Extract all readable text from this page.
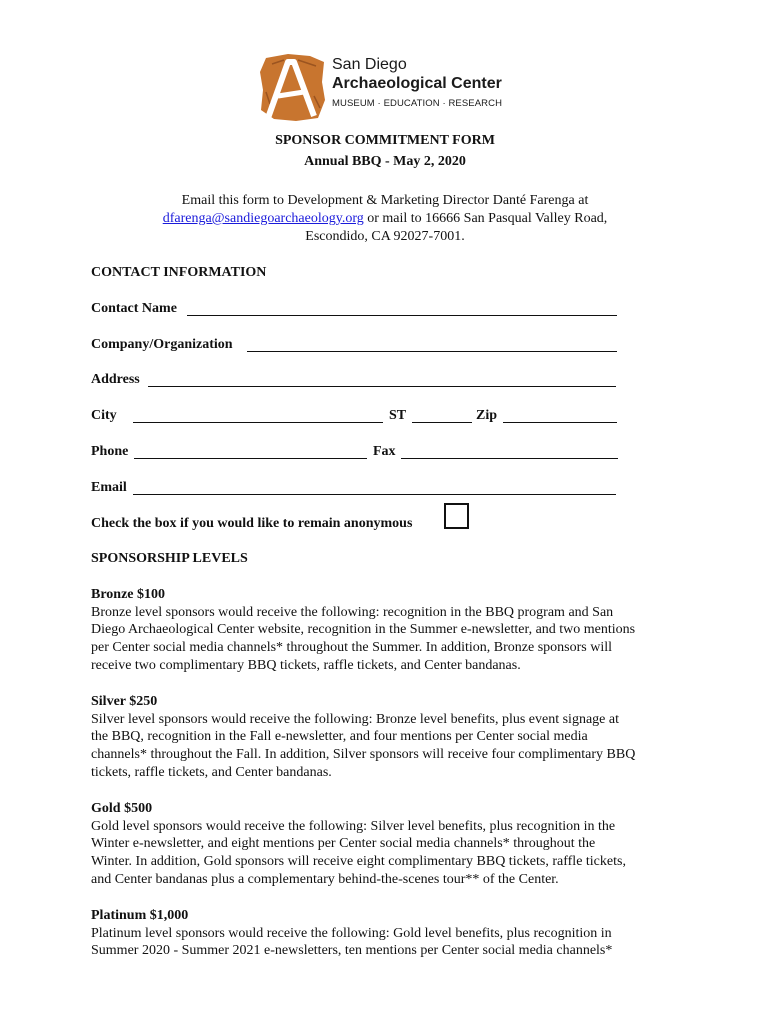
San Diego
Archaeological Center
MUSEUM · EDUCATION · RESEARCH
SPONSOR COMMITMENT FORM
Annual BBQ - May 2, 2020
Email this form to Development & Marketing Director Danté Farenga at
dfarenga@sandiegoarchaeology.org or mail to 16666 San Pasqual Valley Road,
Escondido, CA 92027-7001.
CONTACT INFORMATION
Contact Name
Company/Organization
Address
City	ST	Zip
Phone	Fax
Email
Check the box if you would like to remain anonymous
SPONSORSHIP LEVELS
Bronze $100
Bronze level sponsors would receive the following: recognition in the BBQ program and San
Diego Archaeological Center website, recognition in the Summer e-newsletter, and two mentions
per Center social media channels* throughout the Summer. In addition, Bronze sponsors will
receive two complimentary BBQ tickets, raffle tickets, and Center bandanas.
Silver $250
Silver level sponsors would receive the following: Bronze level benefits, plus event signage at
the BBQ, recognition in the Fall e-newsletter, and four mentions per Center social media
channels* throughout the Fall. In addition, Silver sponsors will receive four complimentary BBQ
tickets, raffle tickets, and Center bandanas.
Gold $500
Gold level sponsors would receive the following: Silver level benefits, plus recognition in the
Winter e-newsletter, and eight mentions per Center social media channels* throughout the
Winter. In addition, Gold sponsors will receive eight complimentary BBQ tickets, raffle tickets,
and Center bandanas plus a complementary behind-the-scenes tour** of the Center.
Platinum $1,000
Platinum level sponsors would receive the following: Gold level benefits, plus recognition in
Summer 2020 - Summer 2021 e-newsletters, ten mentions per Center social media channels*
